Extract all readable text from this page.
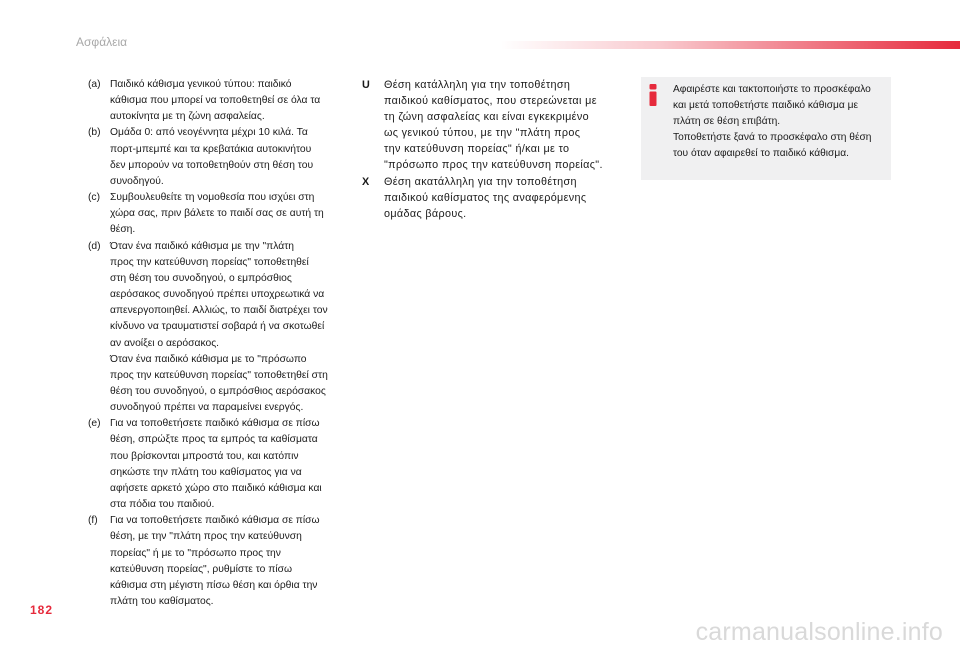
Ασφάλεια
(a) Παιδικό κάθισμα γενικού τύπου: παιδικό
κάθισμα που μπορεί να τοποθετηθεί σε όλα τα
αυτοκίνητα με τη ζώνη ασφαλείας.
(b) Ομάδα 0: από νεογέννητα μέχρι 10 κιλά. Τα
πορτ-μπεμπέ και τα κρεβατάκια αυτοκινήτου
δεν μπορούν να τοποθετηθούν στη θέση του
συνοδηγού.
(c) Συμβουλευθείτε τη νομοθεσία που ισχύει στη
χώρα σας, πριν βάλετε το παιδί σας σε αυτή τη
θέση.
(d) Όταν ένα παιδικό κάθισμα με την "πλάτη
προς την κατεύθυνση πορείας" τοποθετηθεί
στη θέση του συνοδηγού, ο εμπρόσθιος
αερόσακος συνοδηγού πρέπει υποχρεωτικά να
απενεργοποιηθεί. Αλλιώς, το παιδί διατρέχει τον
κίνδυνο να τραυματιστεί σοβαρά ή να σκοτωθεί
αν ανοίξει ο αερόσακος.
Όταν ένα παιδικό κάθισμα με το "πρόσωπο
προς την κατεύθυνση πορείας" τοποθετηθεί στη
θέση του συνοδηγού, ο εμπρόσθιος αερόσακος
συνοδηγού πρέπει να παραμείνει ενεργός.
(e) Για να τοποθετήσετε παιδικό κάθισμα σε πίσω
θέση, σπρώξτε προς τα εμπρός τα καθίσματα
που βρίσκονται μπροστά του, και κατόπιν
σηκώστε την πλάτη του καθίσματος για να
αφήσετε αρκετό χώρο στο παιδικό κάθισμα και
στα πόδια του παιδιού.
(f) Για να τοποθετήσετε παιδικό κάθισμα σε πίσω
θέση, με την "πλάτη προς την κατεύθυνση
πορείας" ή με το "πρόσωπο προς την
κατεύθυνση πορείας", ρυθμίστε το πίσω
κάθισμα στη μέγιστη πίσω θέση και όρθια την
πλάτη του καθίσματος.
U Θέση κατάλληλη για την τοποθέτηση
παιδικού καθίσματος, που στερεώνεται με
τη ζώνη ασφαλείας και είναι εγκεκριμένο
ως γενικού τύπου, με την "πλάτη προς
την κατεύθυνση πορείας" ή/και με το
"πρόσωπο προς την κατεύθυνση πορείας".
X Θέση ακατάλληλη για την τοποθέτηση
παιδικού καθίσματος της αναφερόμενης
ομάδας βάρους.
Αφαιρέστε και τακτοποιήστε το προσκέφαλο
και μετά τοποθετήστε παιδικό κάθισμα με
πλάτη σε θέση επιβάτη.
Τοποθετήστε ξανά το προσκέφαλο στη θέση
του όταν αφαιρεθεί το παιδικό κάθισμα.
182
carmanualsonline.info
